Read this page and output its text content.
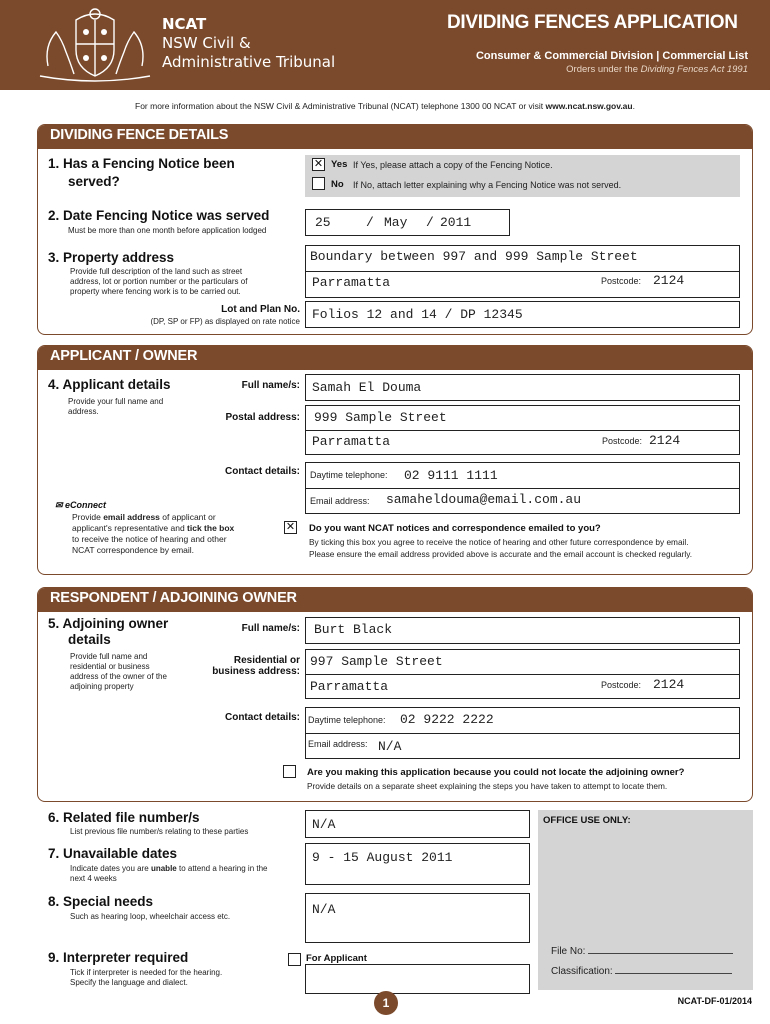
NCAT
NSW Civil &
Administrative Tribunal
DIVIDING FENCES APPLICATION
Consumer & Commercial Division | Commercial List
Orders under the Dividing Fences Act 1991
For more information about the NSW Civil & Administrative Tribunal (NCAT) telephone 1300 00 NCAT or visit www.ncat.nsw.gov.au.
DIVIDING FENCE DETAILS
1. Has a Fencing Notice been
served?
✕ Yes If Yes, please attach a copy of the Fencing Notice.
No If No, attach letter explaining why a Fencing Notice was not served.
2. Date Fencing Notice was served
Must be more than one month before application lodged
25	/ May / 2011
3. Property address
Provide full description of the land such as street
address, lot or portion number or the particulars of
property where fencing work is to be carried out.
Boundary between 997 and 999 Sample Street
Parramatta	Postcode: 2124
Lot and Plan No.
(DP, SP or FP) as displayed on rate notice Folios 12 and 14 / DP 12345
APPLICANT / OWNER
4. Applicant details
Provide your full name and
address.
Full name/s: Samah El Douma
Postal address: 999 Sample Street
Parramatta	Postcode: 2124
Contact details: Daytime telephone: 02 9111 1111
Email address: samaheldouma@email.com.au
✉ eConnect
Provide email address of applicant or
applicant's representative and tick the box
to receive the notice of hearing and other
NCAT correspondence by email.
✕ Do you want NCAT notices and correspondence emailed to you?
By ticking this box you agree to receive the notice of hearing and other future correspondence by email.
Please ensure the email address provided above is accurate and the email account is checked regularly.
RESPONDENT / ADJOINING OWNER
5. Adjoining owner
details
Provide full name and
residential or business
address of the owner of the
adjoining property
Full name/s: Burt Black
Residential or
business address:
997 Sample Street
Parramatta	Postcode: 2124
Contact details: Daytime telephone: 02 9222 2222
Email address: N/A
Are you making this application because you could not locate the adjoining owner?
Provide details on a separate sheet explaining the steps you have taken to attempt to locate them.
6. Related file number/s
List previous file number/s relating to these parties	N/A
7. Unavailable dates
Indicate dates you are unable to attend a hearing in the
next 4 weeks
9 - 15 August 2011
8. Special needs
Such as hearing loop, wheelchair access etc.	N/A
9. Interpreter required
Tick if interpreter is needed for the hearing.
Specify the language and dialect.
For Applicant
OFFICE USE ONLY:
File No:
Classification:
1	NCAT-DF-01/2014
